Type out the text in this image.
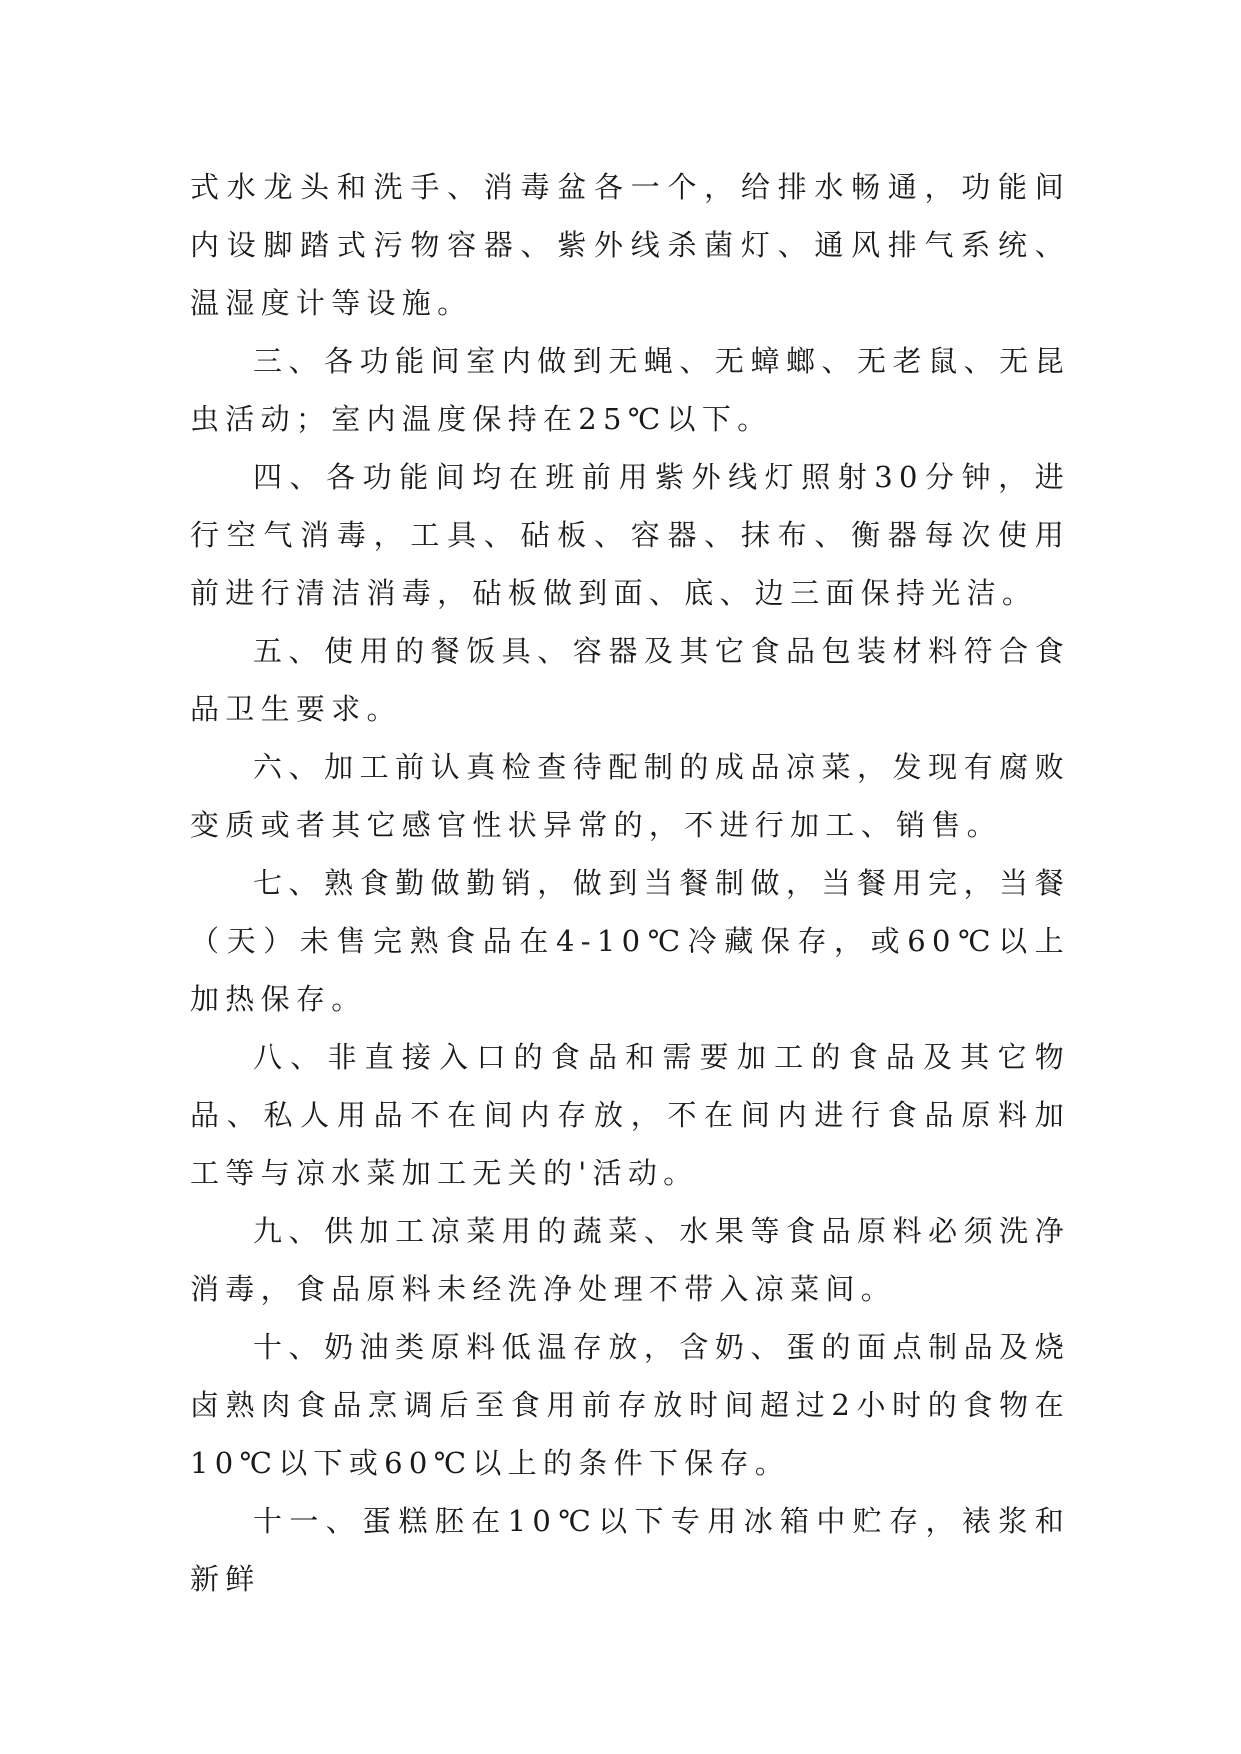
式水龙头和洗手、消毒盆各一个，给排水畅通，功能间内设脚踏式污物容器、紫外线杀菌灯、通风排气系统、温湿度计等设施。

三、各功能间室内做到无蝇、无蟑螂、无老鼠、无昆虫活动；室内温度保持在25℃以下。

四、各功能间均在班前用紫外线灯照射30分钟，进行空气消毒，工具、砧板、容器、抹布、衡器每次使用前进行清洁消毒，砧板做到面、底、边三面保持光洁。

五、使用的餐饭具、容器及其它食品包装材料符合食品卫生要求。

六、加工前认真检查待配制的成品凉菜，发现有腐败变质或者其它感官性状异常的，不进行加工、销售。

七、熟食勤做勤销，做到当餐制做，当餐用完，当餐（天）未售完熟食品在4-10℃冷藏保存，或60℃以上加热保存。

八、非直接入口的食品和需要加工的食品及其它物品、私人用品不在间内存放，不在间内进行食品原料加工等与凉水菜加工无关的'活动。

九、供加工凉菜用的蔬菜、水果等食品原料必须洗净消毒，食品原料未经洗净处理不带入凉菜间。

十、奶油类原料低温存放，含奶、蛋的面点制品及烧卤熟肉食品烹调后至食用前存放时间超过2小时的食物在10℃以下或60℃以上的条件下保存。

十一、蛋糕胚在10℃以下专用冰箱中贮存，裱浆和新鲜
